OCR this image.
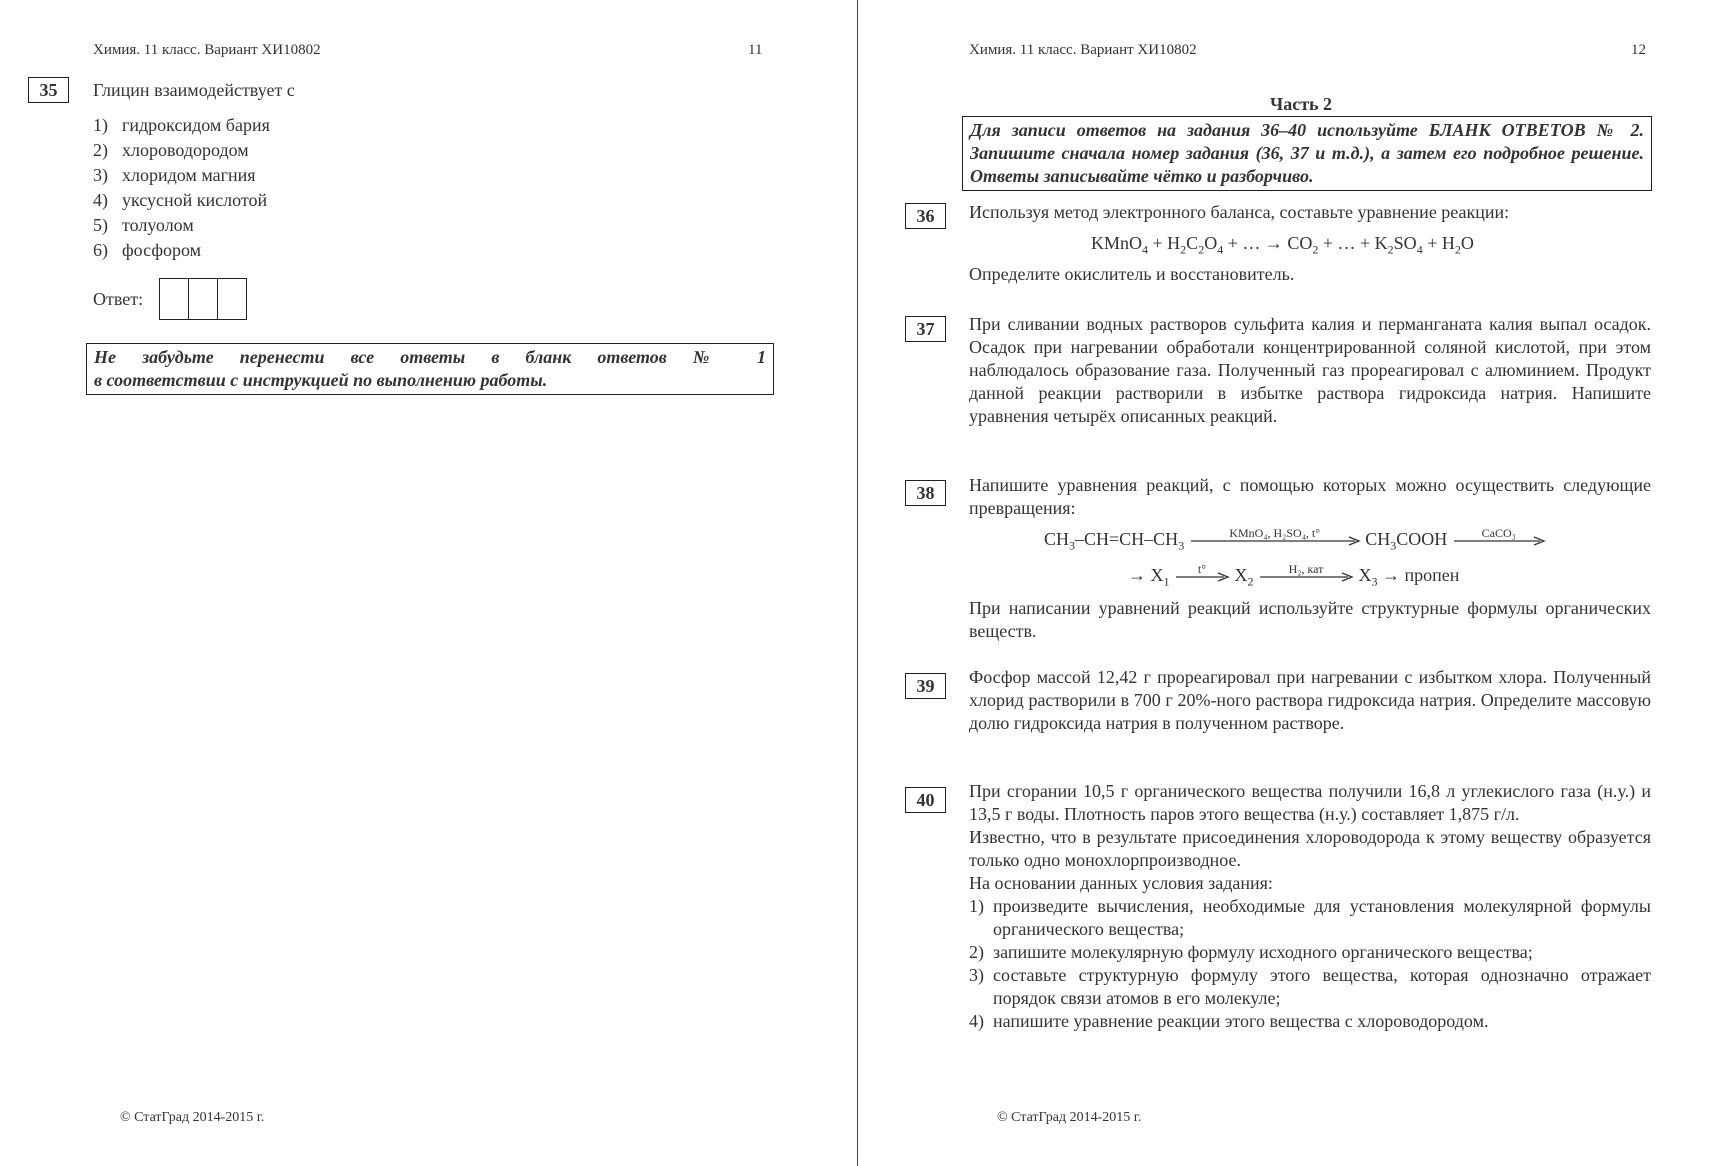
Химия. 11 класс. Вариант ХИ10802	11
35	Глицин взаимодействует с
1) гидроксидом бария
2) хлороводородом
3) хлоридом магния
4) уксусной кислотой
5) толуолом
6) фосфором
Ответ:
Не забудьте перенести все ответы в бланк ответов № 1
в соответствии с инструкцией по выполнению работы.
© СтатГрад 2014-2015 г.
Химия. 11 класс. Вариант ХИ10802	12
Часть 2
Для записи ответов на задания 36–40 используйте БЛАНК ОТВЕТОВ № 2. Запишите сначала номер задания (36, 37 и т.д.), а затем его подробное решение. Ответы записывайте чётко и разборчиво.
36	Используя метод электронного баланса, составьте уравнение реакции:
KMnO$_4$ + $H_2C_2O_4$ + … → $CO_2$ + … + $K_2SO_4 + H_2O$
Определите окислитель и восстановитель.
37	При сливании водных растворов сульфита калия и перманганата калия выпал осадок. Осадок при нагревании обработали концентрированной соляной кислотой, при этом наблюдалось образование газа. Полученный газ прореагировал с алюминием. Продукт данной реакции растворили в избытке раствора гидроксида натрия. Напишите уравнения четырёх описанных реакций.
38	Напишите уравнения реакций, с помощью которых можно осуществить следующие превращения:
$CH_3-CH=CH-CH_3$
KMnO₄, H₂SO₄, t°	$CH_3COOH$	CaCO₃
→ $X_1$
t°	$X_2$
H₂, кат	$X_3$ → пропен
При написании уравнений реакций используйте структурные формулы органических веществ.
39	Фосфор массой 12,42 г прореагировал при нагревании с избытком хлора. Полученный хлорид растворили в 700 г 20%-ного раствора гидроксида натрия. Определите массовую долю гидроксида натрия в полученном растворе.
40	При сгорании 10,5 г органического вещества получили 16,8 л углекислого газа (н.у.) и 13,5 г воды. Плотность паров этого вещества (н.у.) составляет 1,875 г/л.

Известно, что в результате присоединения хлороводорода к этому веществу образуется только одно монохлорпроизводное.

На основании данных условия задания:

1) произведите вычисления, необходимые для установления молекулярной формулы органического вещества;
2) запишите молекулярную формулу исходного органического вещества;
3) составьте структурную формулу этого вещества, которая однозначно отражает порядок связи атомов в его молекуле;
4) напишите уравнение реакции этого вещества с хлороводородом.
© СтатГрад 2014-2015 г.
